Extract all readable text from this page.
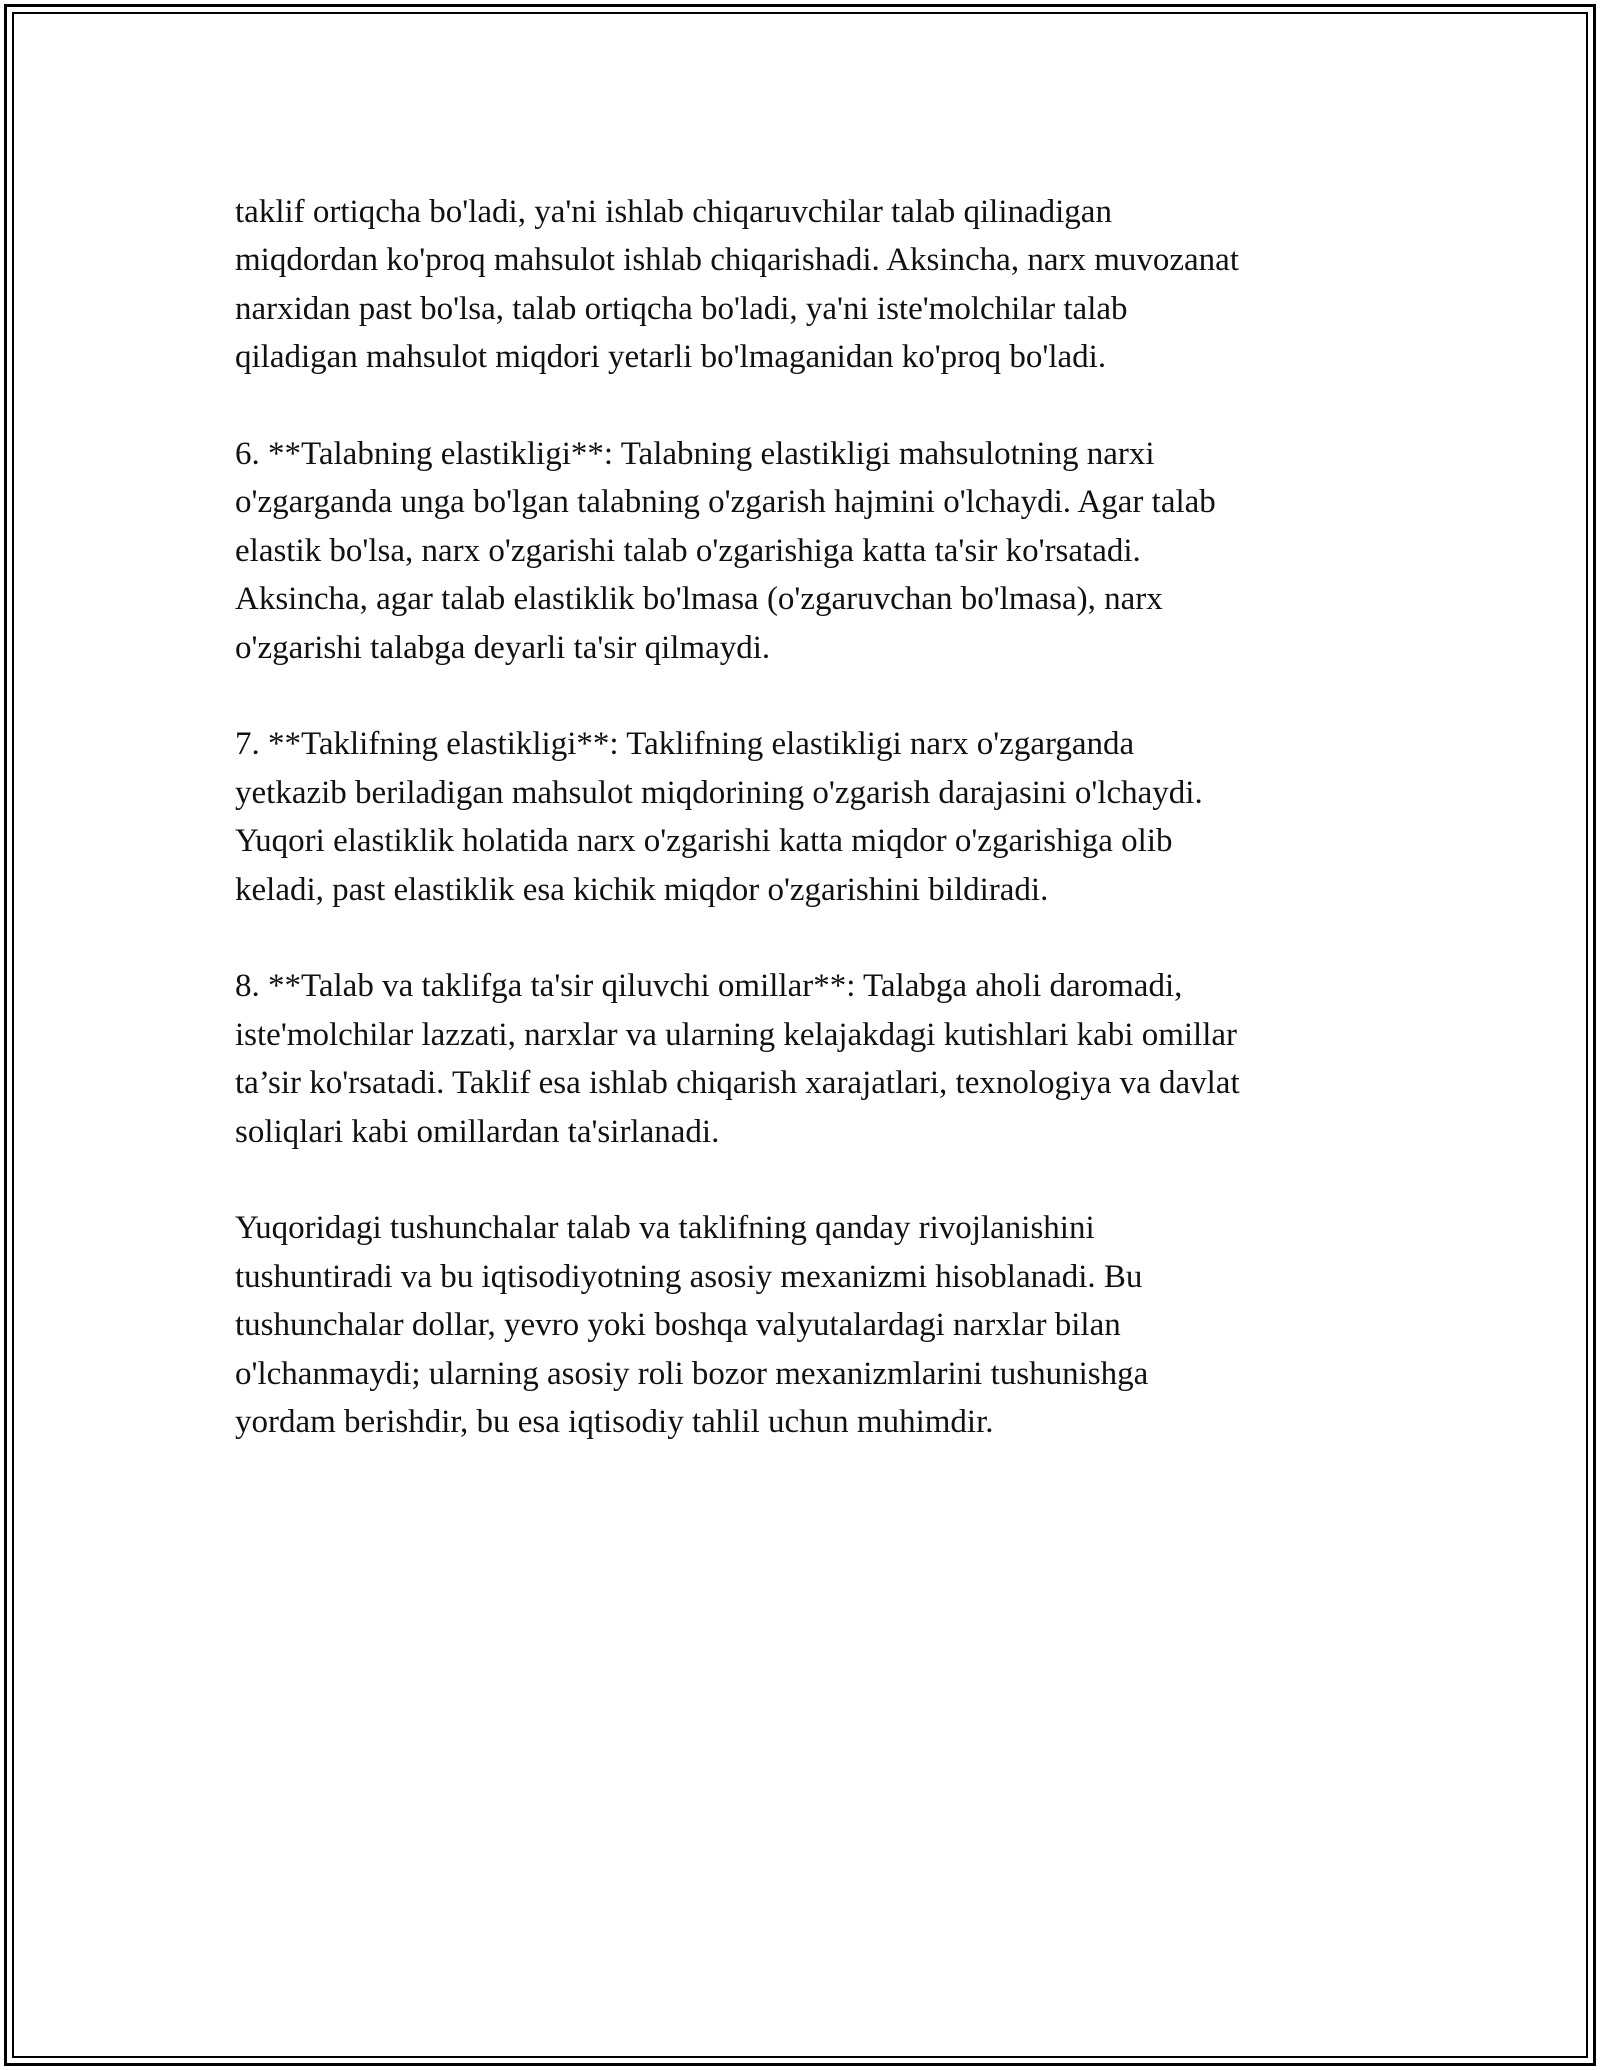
taklif ortiqcha bo'ladi, ya'ni ishlab chiqaruvchilar talab qilinadigan
miqdordan ko'proq mahsulot ishlab chiqarishadi. Aksincha, narx muvozanat
narxidan past bo'lsa, talab ortiqcha bo'ladi, ya'ni iste'molchilar talab
qiladigan mahsulot miqdori yetarli bo'lmaganidan ko'proq bo'ladi.

6. **Talabning elastikligi**: Talabning elastikligi mahsulotning narxi
o'zgarganda unga bo'lgan talabning o'zgarish hajmini o'lchaydi. Agar talab
elastik bo'lsa, narx o'zgarishi talab o'zgarishiga katta ta'sir ko'rsatadi.
Aksincha, agar talab elastiklik bo'lmasa (o'zgaruvchan bo'lmasa), narx
o'zgarishi talabga deyarli ta'sir qilmaydi.

7. **Taklifning elastikligi**: Taklifning elastikligi narx o'zgarganda
yetkazib beriladigan mahsulot miqdorining o'zgarish darajasini o'lchaydi.
Yuqori elastiklik holatida narx o'zgarishi katta miqdor o'zgarishiga olib
keladi, past elastiklik esa kichik miqdor o'zgarishini bildiradi.

8. **Talab va taklifga ta'sir qiluvchi omillar**: Talabga aholi daromadi,
iste'molchilar lazzati, narxlar va ularning kelajakdagi kutishlari kabi omillar
ta’sir ko'rsatadi. Taklif esa ishlab chiqarish xarajatlari, texnologiya va davlat
soliqlari kabi omillardan ta'sirlanadi.

Yuqoridagi tushunchalar talab va taklifning qanday rivojlanishini
tushuntiradi va bu iqtisodiyotning asosiy mexanizmi hisoblanadi. Bu
tushunchalar dollar, yevro yoki boshqa valyutalardagi narxlar bilan
o'lchanmaydi; ularning asosiy roli bozor mexanizmlarini tushunishga
yordam berishdir, bu esa iqtisodiy tahlil uchun muhimdir.
